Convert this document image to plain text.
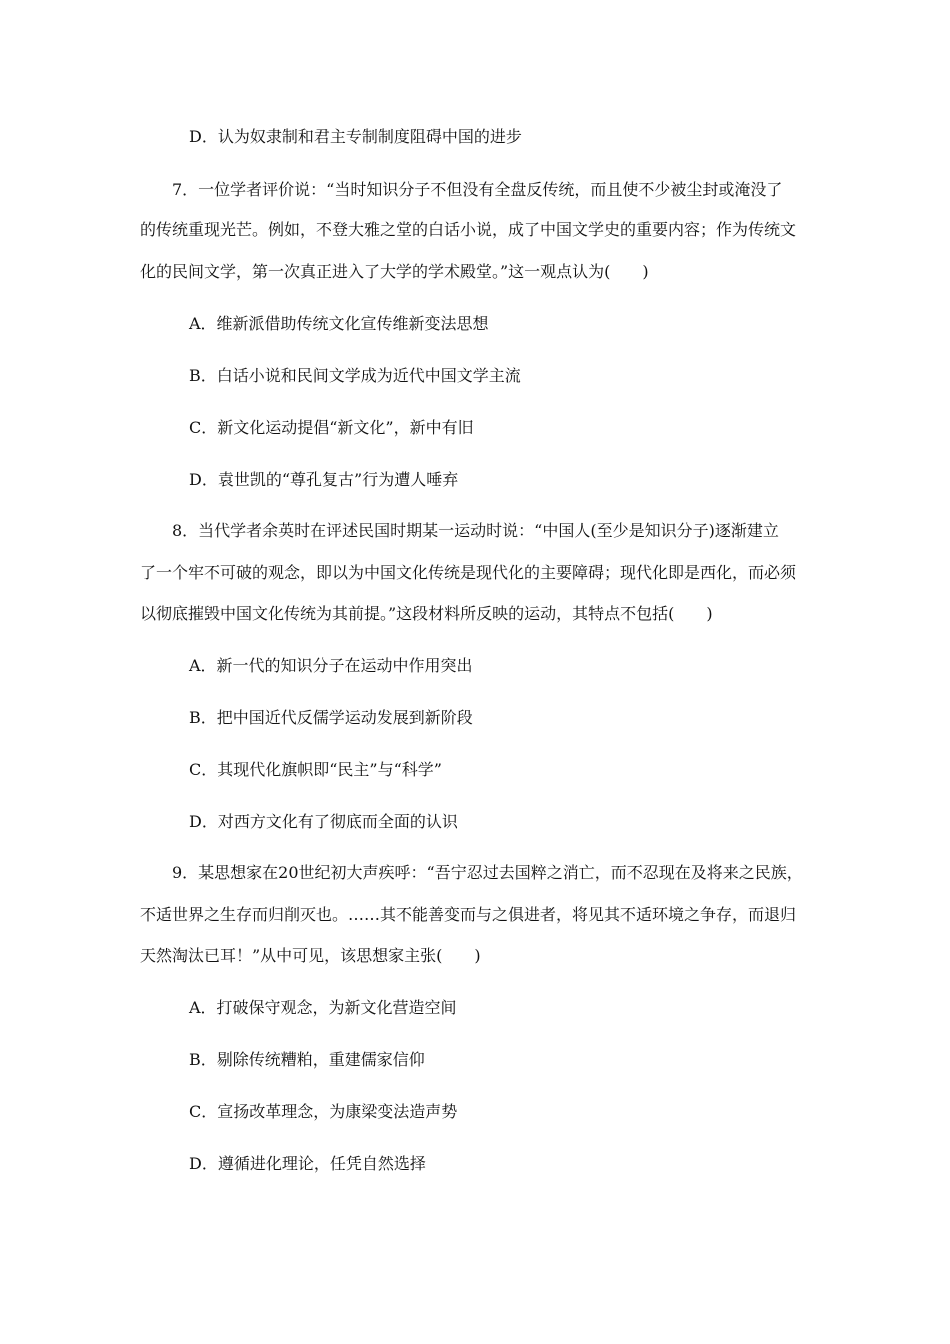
D．认为奴隶制和君主专制制度阻碍中国的进步
7．一位学者评价说：“当时知识分子不但没有全盘反传统，而且使不少被尘封或淹没了
的传统重现光芒。例如，不登大雅之堂的白话小说，成了中国文学史的重要内容；作为传统文
化的民间文学，第一次真正进入了大学的学术殿堂。”这一观点认为(　　)
A．维新派借助传统文化宣传维新变法思想
B．白话小说和民间文学成为近代中国文学主流
C．新文化运动提倡“新文化”，新中有旧
D．袁世凯的“尊孔复古”行为遭人唾弃
8．当代学者余英时在评述民国时期某一运动时说：“中国人(至少是知识分子)逐渐建立
了一个牢不可破的观念，即以为中国文化传统是现代化的主要障碍；现代化即是西化，而必须
以彻底摧毁中国文化传统为其前提。”这段材料所反映的运动，其特点不包括(　　)
A．新一代的知识分子在运动中作用突出
B．把中国近代反儒学运动发展到新阶段
C．其现代化旗帜即“民主”与“科学”
D．对西方文化有了彻底而全面的认识
9．某思想家在20世纪初大声疾呼：“吾宁忍过去国粹之消亡，而不忍现在及将来之民族，
不适世界之生存而归削灭也。……其不能善变而与之俱进者，将见其不适环境之争存，而退归
天然淘汰已耳！”从中可见，该思想家主张(　　)
A．打破保守观念，为新文化营造空间
B．剔除传统糟粕，重建儒家信仰
C．宣扬改革理念，为康梁变法造声势
D．遵循进化理论，任凭自然选择
